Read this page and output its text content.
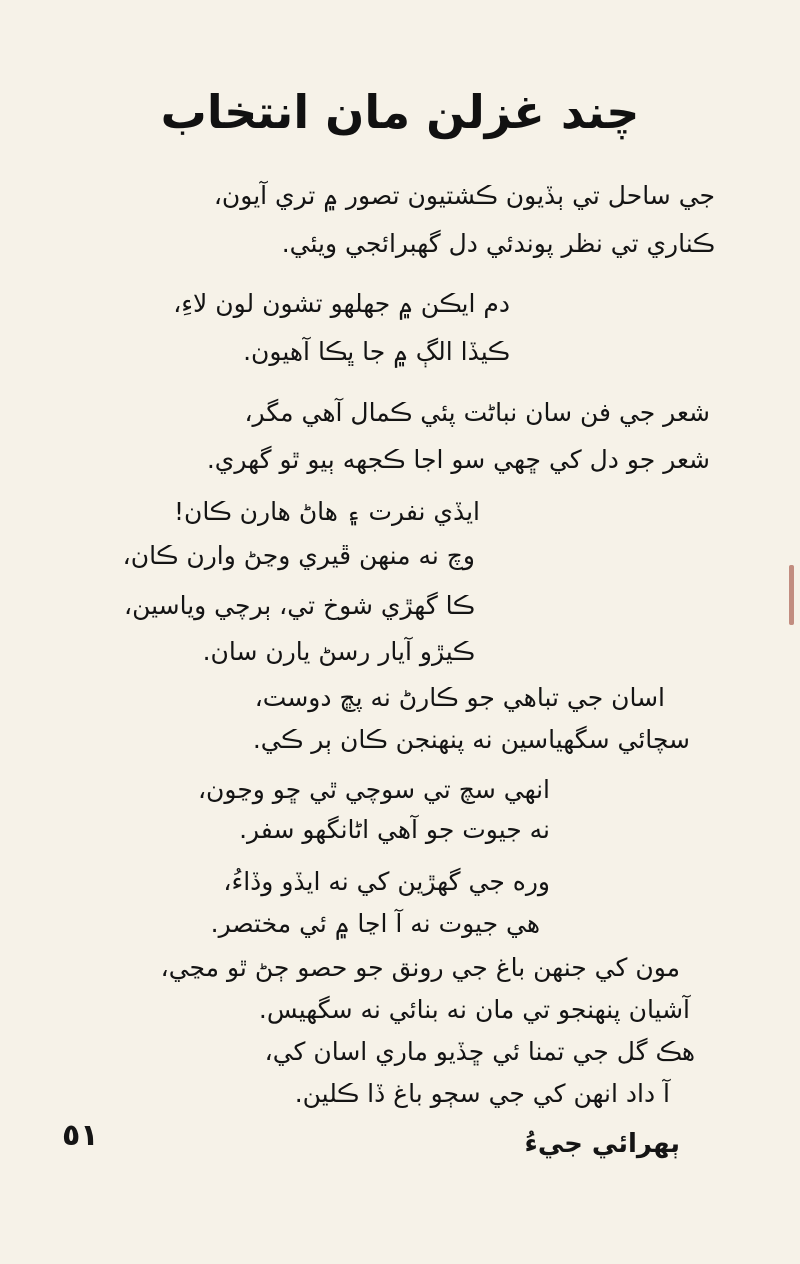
چند غزلن مان انتخاب
جي ساحل تي ٻڏيون ڪشتيون تصور ۾ تري آيون،
ڪناري تي نظر پوندئي دل گهبرائجي ويئي.
دم ايڪن ۾ جهلهو تشون لون لاءِ،
ڪيڏا الڳ ۾ جا ڀڪا آهيون.
شعر جي فن سان نباڻت پئي ڪمال آهي مگر،
شعر جو دل کي ڇهي سو اجا ڪجهه ٻيو ٿو گهري.
ايڏي نفرت ۽ هاڻ هارن ڪان!
وچ نه منهن ڦيري وڃڻ وارن ڪان،
ڪا گهڙي شوخ تي، ٻرچي وياسين،
ڪيڙو آيار رسڻ يارن سان.
اسان جي تباهي جو ڪارڻ نه پڇ دوست،
سچائي سگهياسين نه پنهنجن ڪان ٻر ڪي.
انهي سچ تي سوچي ٿي ڇو وڃون،
نه جيوت جو آهي اڻانگهو سفر.
وره جي گهڙين کي نه ايڏو وڏاءُ،
هي جيوت نه آ اڃا ۾ ئي مختصر.
مون کي جنهن باغ جي رونق جو حصو ڄڻ ٿو مڃي،
آشيان پنهنجو تي مان نه بنائي نه سگهيس.
هڪ گل جي تمنا ئي ڇڏيو ماري اسان کي،
آ داد انهن کي جي سڄو باغ ڏا ڪلين.
٥١	ٻهرائي جيءُ
